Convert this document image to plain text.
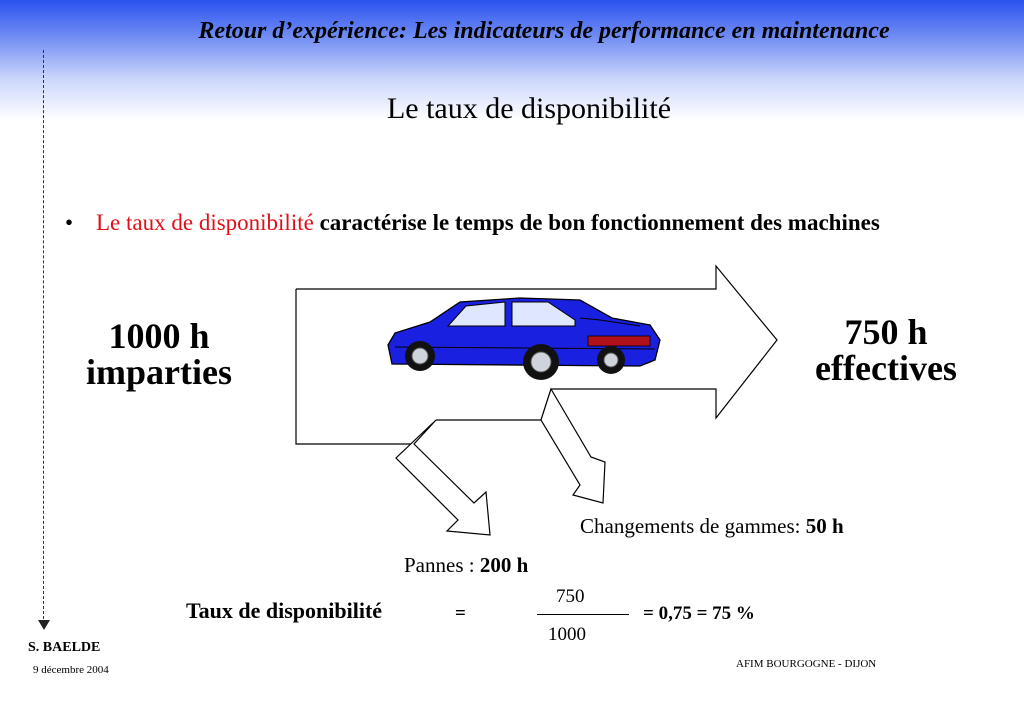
Retour d’expérience: Les indicateurs de performance en maintenance
Le taux de disponibilité
• Le taux de disponibilité caractérise le temps de bon fonctionnement des machines
1000 h
imparties
750 h
effectives
Changements de gammes: 50 h
Pannes : 200 h
Taux de disponibilité	=
750
1000
= 0,75 = 75 %
S. BAELDE
9 décembre 2004	AFIM BOURGOGNE - DIJON
